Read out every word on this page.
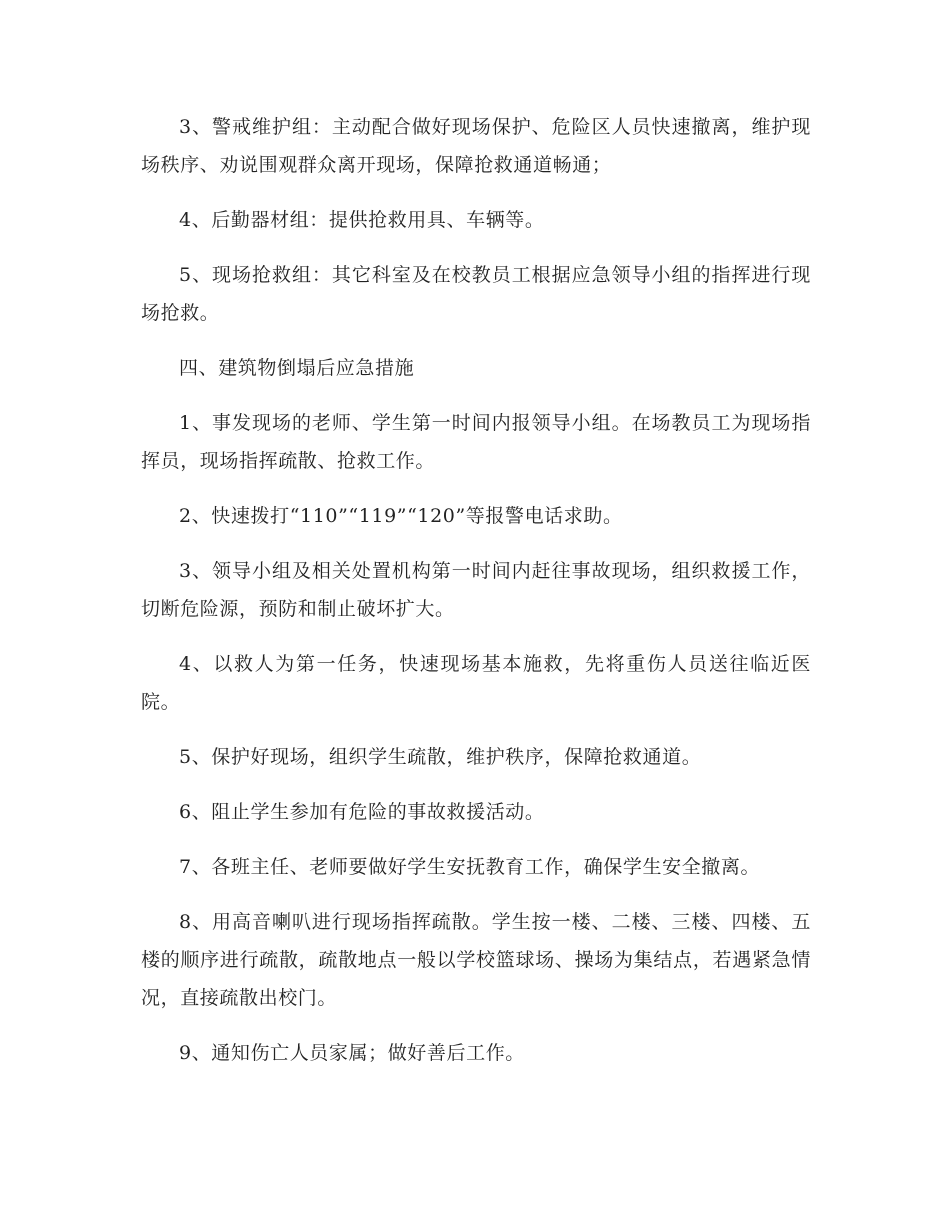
3、警戒维护组：主动配合做好现场保护、危险区人员快速撤离，维护现场秩序、劝说围观群众离开现场，保障抢救通道畅通；

4、后勤器材组：提供抢救用具、车辆等。

5、现场抢救组：其它科室及在校教员工根据应急领导小组的指挥进行现场抢救。

四、建筑物倒塌后应急措施

1、事发现场的老师、学生第一时间内报领导小组。在场教员工为现场指挥员，现场指挥疏散、抢救工作。

2、快速拨打“110”“119”“120”等报警电话求助。

3、领导小组及相关处置机构第一时间内赶往事故现场，组织救援工作，切断危险源，预防和制止破坏扩大。

4、以救人为第一任务，快速现场基本施救，先将重伤人员送往临近医院。

5、保护好现场，组织学生疏散，维护秩序，保障抢救通道。

6、阻止学生参加有危险的事故救援活动。

7、各班主任、老师要做好学生安抚教育工作，确保学生安全撤离。

8、用高音喇叭进行现场指挥疏散。学生按一楼、二楼、三楼、四楼、五楼的顺序进行疏散，疏散地点一般以学校篮球场、操场为集结点，若遇紧急情况，直接疏散出校门。

9、通知伤亡人员家属；做好善后工作。
